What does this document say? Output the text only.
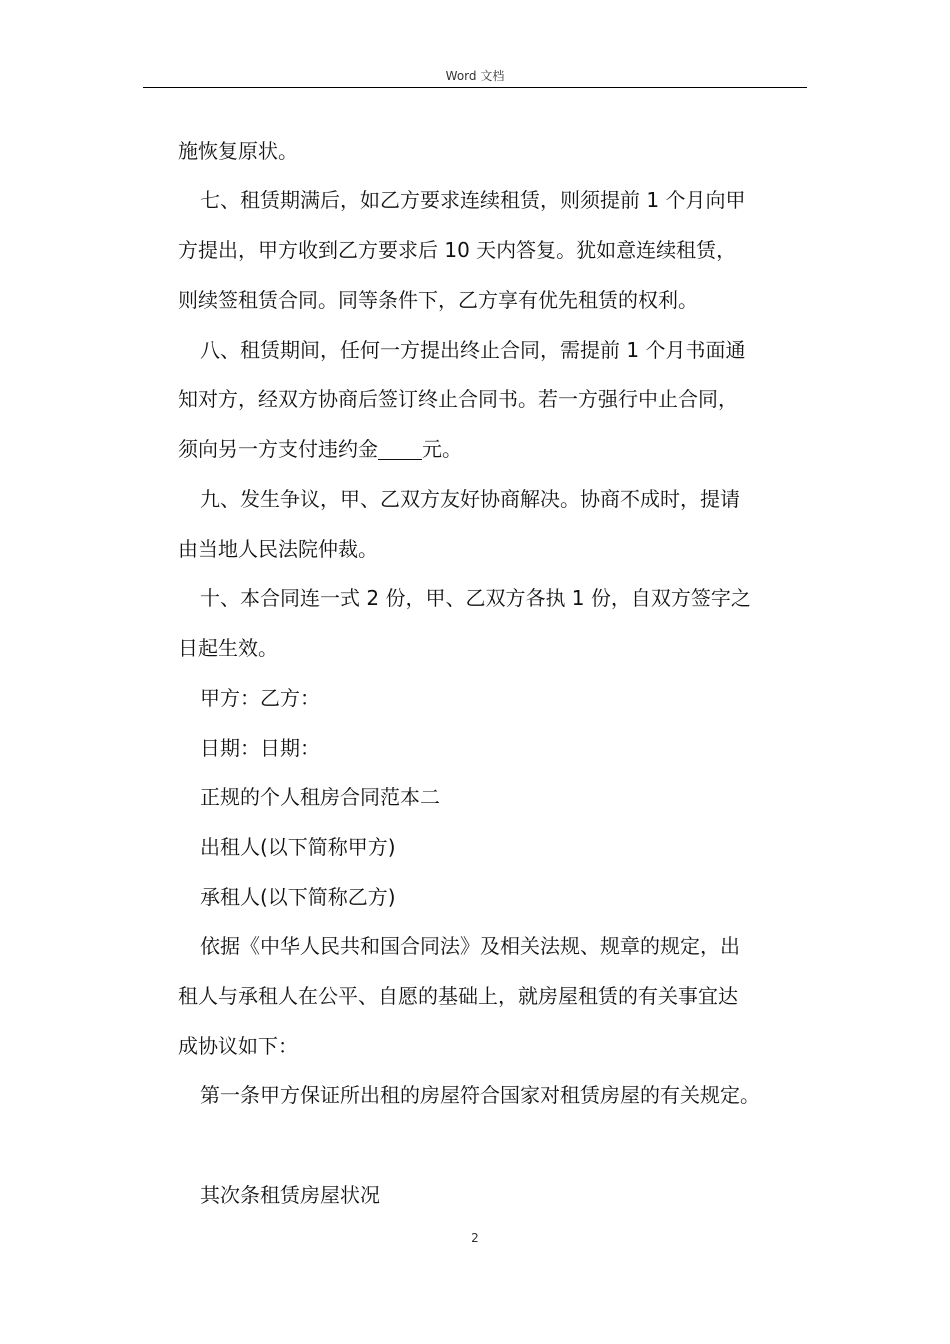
Word 文档
施恢复原状。
七、租赁期满后，如乙方要求连续租赁，则须提前 1 个月向甲
方提出，甲方收到乙方要求后 10 天内答复。犹如意连续租赁，
则续签租赁合同。同等条件下，乙方享有优先租赁的权利。
八、租赁期间，任何一方提出终止合同，需提前 1 个月书面通
知对方，经双方协商后签订终止合同书。若一方强行中止合同，
须向另一方支付违约金 元。
九、发生争议，甲、乙双方友好协商解决。协商不成时，提请
由当地人民法院仲裁。
十、本合同连一式 2 份，甲、乙双方各执 1 份，自双方签字之
日起生效。
甲方：乙方：
日期：日期：
正规的个人租房合同范本二
出租人(以下简称甲方)
承租人(以下简称乙方)
依据《中华人民共和国合同法》及相关法规、规章的规定，出
租人与承租人在公平、自愿的基础上，就房屋租赁的有关事宜达
成协议如下：
第一条甲方保证所出租的房屋符合国家对租赁房屋的有关规定。
其次条租赁房屋状况
2
